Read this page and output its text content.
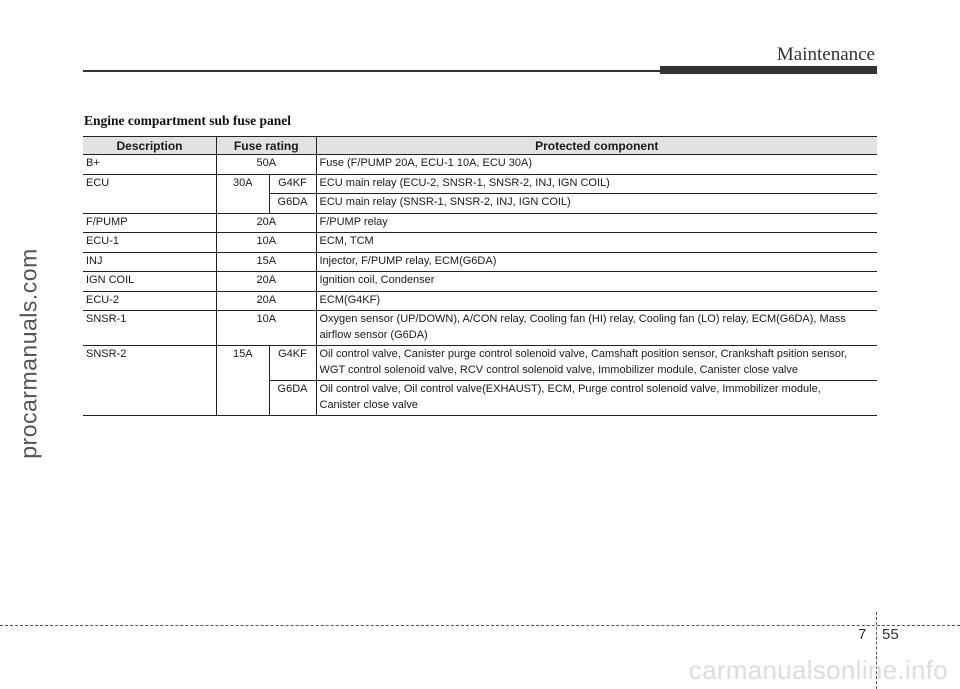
Maintenance
Engine compartment sub fuse panel
Description	Fuse rating		Protected component
B+	50A		Fuse (F/PUMP 20A, ECU-1 10A, ECU 30A)
ECU	30A	G4KF	ECU main relay (ECU-2, SNSR-1, SNSR-2, INJ, IGN COIL)
		G6DA	ECU main relay (SNSR-1, SNSR-2, INJ, IGN COIL)
F/PUMP	20A		F/PUMP relay
ECU-1	10A		ECM, TCM
INJ	15A		Injector, F/PUMP relay, ECM(G6DA)
IGN COIL	20A		Ignition coil, Condenser
ECU-2	20A		ECM(G4KF)
SNSR-1	10A		Oxygen sensor (UP/DOWN), A/CON relay, Cooling fan (HI) relay, Cooling fan (LO) relay, ECM(G6DA), Mass
airflow sensor (G6DA)

SNSR-2	15A	G4KF	Oil control valve, Canister purge control solenoid valve, Camshaft position sensor, Crankshaft psition sensor,
WGT control solenoid valve, RCV control solenoid valve, Immobilizer module, Canister close valve

		G6DA	Oil control valve, Oil control valve(EXHAUST), ECM, Purge control solenoid valve, Immobilizer module,
Canister close valve
procarmanuals.com
7 55
carmanualsonline.info
